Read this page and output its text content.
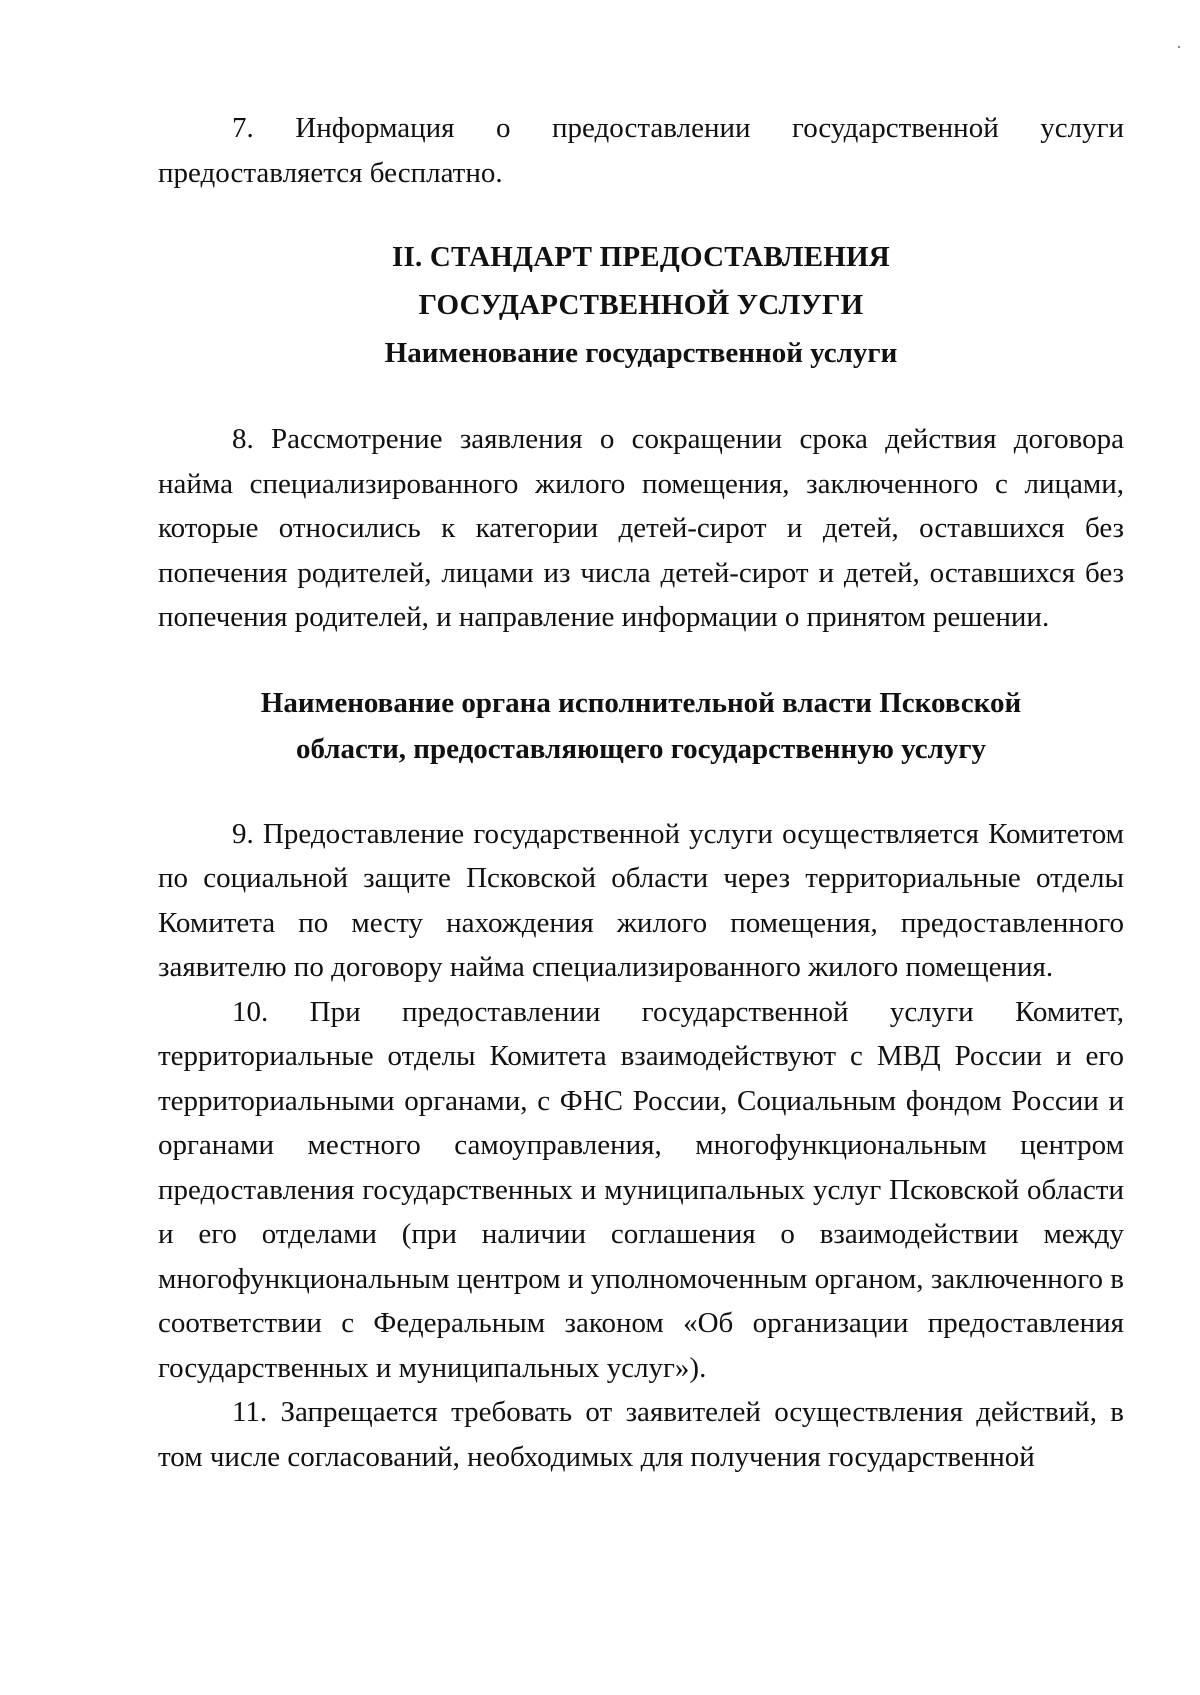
7. Информация о предоставлении государственной услуги предоставляется бесплатно.

II. СТАНДАРТ ПРЕДОСТАВЛЕНИЯ
ГОСУДАРСТВЕННОЙ УСЛУГИ
Наименование государственной услуги

8. Рассмотрение заявления о сокращении срока действия договора найма специализированного жилого помещения, заключенного с лицами, которые относились к категории детей-сирот и детей, оставшихся без попечения родителей, лицами из числа детей-сирот и детей, оставшихся без попечения родителей, и направление информации о принятом решении.

Наименование органа исполнительной власти Псковской
области, предоставляющего государственную услугу

9. Предоставление государственной услуги осуществляется Комитетом по социальной защите Псковской области через территориальные отделы Комитета по месту нахождения жилого помещения, предоставленного заявителю по договору найма специализированного жилого помещения.

10. При предоставлении государственной услуги Комитет, территориальные отделы Комитета взаимодействуют с МВД России и его территориальными органами, с ФНС России, Социальным фондом России и органами местного самоуправления, многофункциональным центром предоставления государственных и муниципальных услуг Псковской области и его отделами (при наличии соглашения о взаимодействии между многофункциональным центром и уполномоченным органом, заключенного в соответствии с Федеральным законом «Об организации предоставления государственных и муниципальных услуг»).

11. Запрещается требовать от заявителей осуществления действий, в том числе согласований, необходимых для получения государственной
